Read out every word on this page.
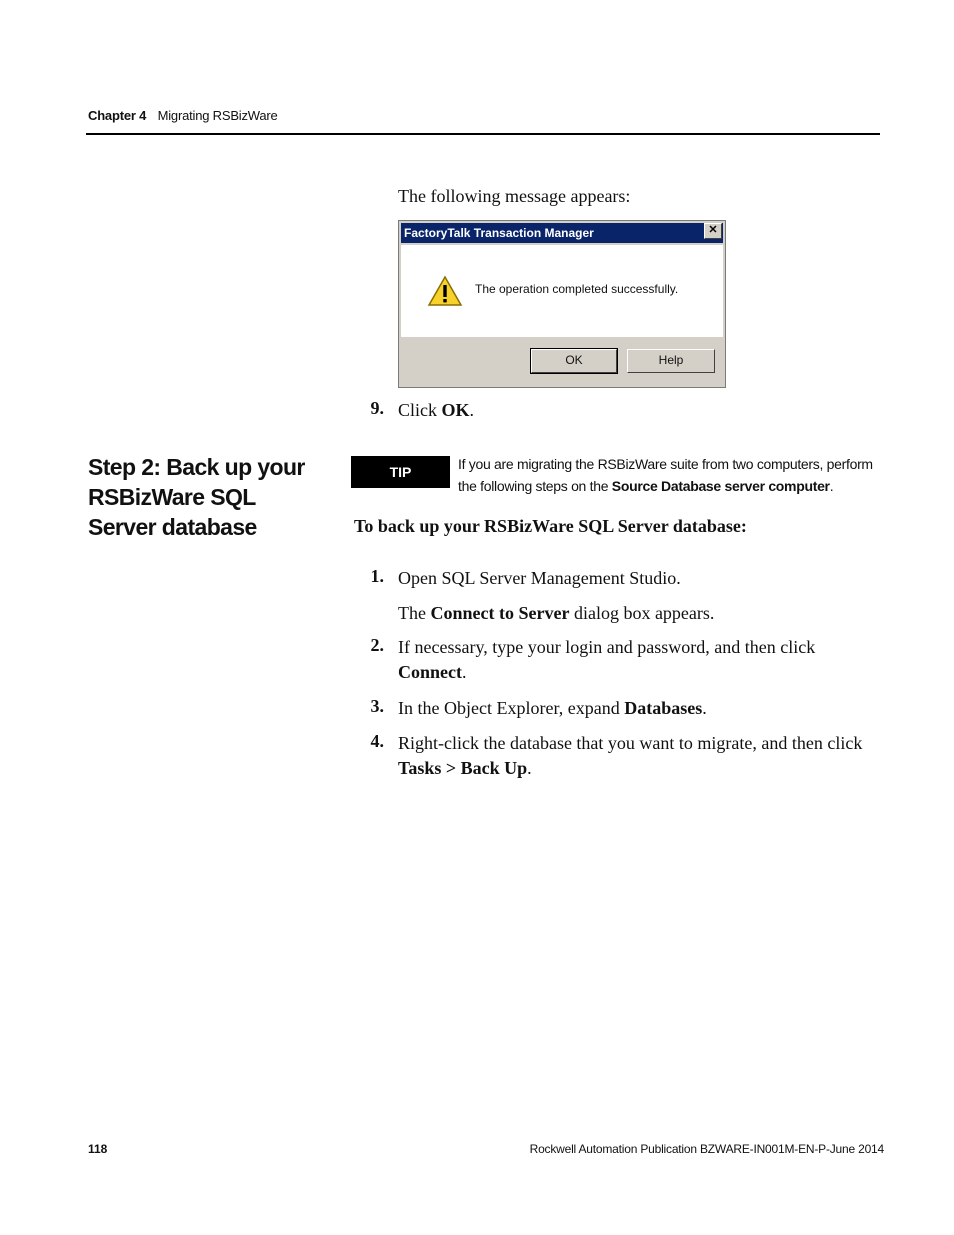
Chapter 4 Migrating RSBizWare
The following message appears:
FactoryTalk Transaction Manager	✕
The operation completed successfully.
OK	Help
9. Click OK.
Step 2: Back up your RSBizWare SQL Server database
TIP	If you are migrating the RSBizWare suite from two computers, perform the following steps on the Source Database server computer.
To back up your RSBizWare SQL Server database:
1. Open SQL Server Management Studio.
The Connect to Server dialog box appears.
2. If necessary, type your login and password, and then click Connect.
3. In the Object Explorer, expand Databases.
4. Right-click the database that you want to migrate, and then click Tasks > Back Up.
118	Rockwell Automation Publication BZWARE-IN001M-EN-P-June 2014
